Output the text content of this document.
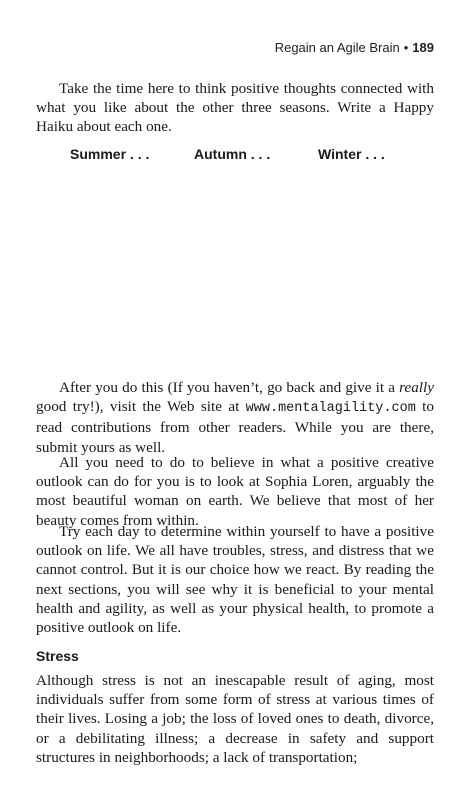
Regain an Agile Brain • 189

Take the time here to think positive thoughts connected with what you like about the other three seasons. Write a Happy Haiku about each one.

Summer . . .	Autumn . . .	Winter . . .

After you do this (If you haven’t, go back and give it a really good try!), visit the Web site at www.mentalagility.com to read contributions from other readers. While you are there, submit yours as well.

All you need to do to believe in what a positive creative outlook can do for you is to look at Sophia Loren, arguably the most beautiful woman on earth. We believe that most of her beauty comes from within.

Try each day to determine within yourself to have a positive outlook on life. We all have troubles, stress, and distress that we cannot control. But it is our choice how we react. By reading the next sections, you will see why it is beneficial to your mental health and agility, as well as your physical health, to promote a positive outlook on life.

Stress

Although stress is not an inescapable result of aging, most individuals suffer from some form of stress at various times of their lives. Losing a job; the loss of loved ones to death, divorce, or a debilitating illness; a decrease in safety and support structures in neighborhoods; a lack of transportation;
